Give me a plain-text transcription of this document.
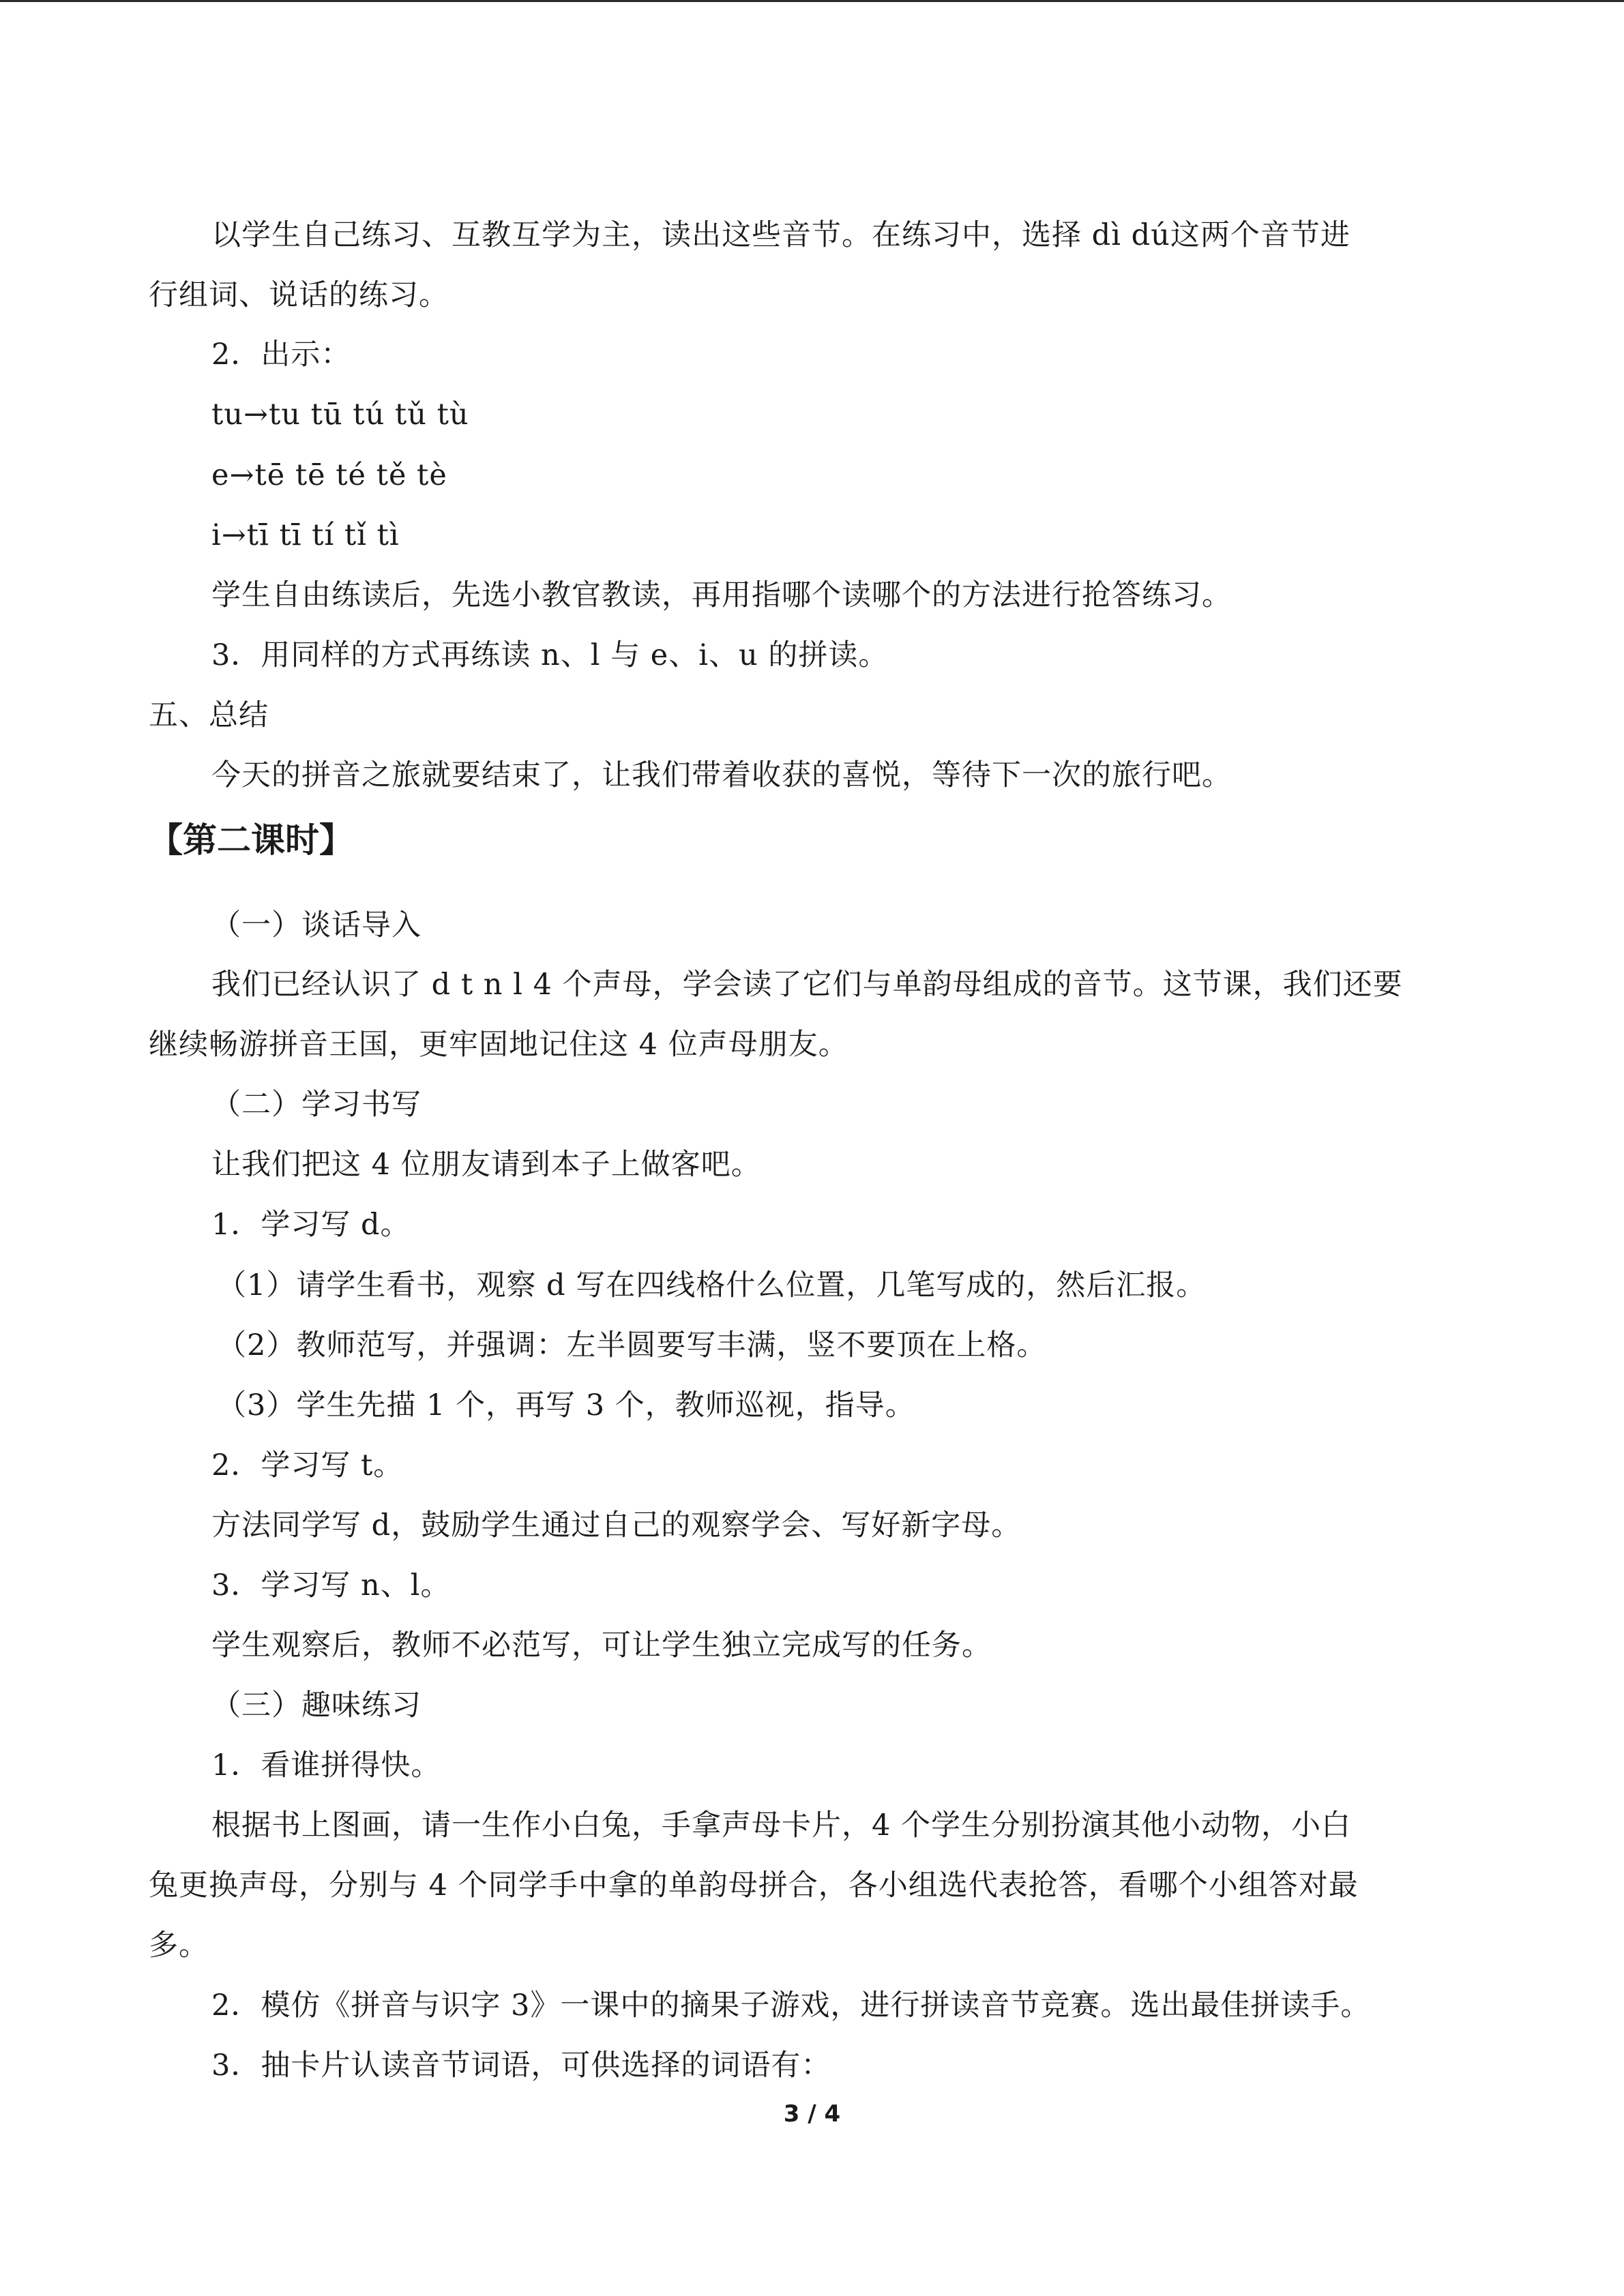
以学生自己练习、互教互学为主，读出这些音节。在练习中，选择 dì dú这两个音节进
行组词、说话的练习。
2．出示：
tu→tu tū tú tǔ tù
e→tē tē té tě tè
i→tī tī tí tǐ tì
学生自由练读后，先选小教官教读，再用指哪个读哪个的方法进行抢答练习。
3．用同样的方式再练读 n、l 与 e、i、u 的拼读。
五、总结
今天的拼音之旅就要结束了，让我们带着收获的喜悦，等待下一次的旅行吧。
【第二课时】
（一）谈话导入
我们已经认识了 d t n l 4 个声母，学会读了它们与单韵母组成的音节。这节课，我们还要
继续畅游拼音王国，更牢固地记住这 4 位声母朋友。
（二）学习书写
让我们把这 4 位朋友请到本子上做客吧。
1．学习写 d。
（1）请学生看书，观察 d 写在四线格什么位置，几笔写成的，然后汇报。
（2）教师范写，并强调：左半圆要写丰满，竖不要顶在上格。
（3）学生先描 1 个，再写 3 个，教师巡视，指导。
2．学习写 t。
方法同学写 d，鼓励学生通过自己的观察学会、写好新字母。
3．学习写 n、l。
学生观察后，教师不必范写，可让学生独立完成写的任务。
（三）趣味练习
1．看谁拼得快。
根据书上图画，请一生作小白兔，手拿声母卡片，4 个学生分别扮演其他小动物，小白
兔更换声母，分别与 4 个同学手中拿的单韵母拼合，各小组选代表抢答，看哪个小组答对最
多。
2．模仿《拼音与识字 3》一课中的摘果子游戏，进行拼读音节竞赛。选出最佳拼读手。
3．抽卡片认读音节词语，可供选择的词语有：
3 / 4
